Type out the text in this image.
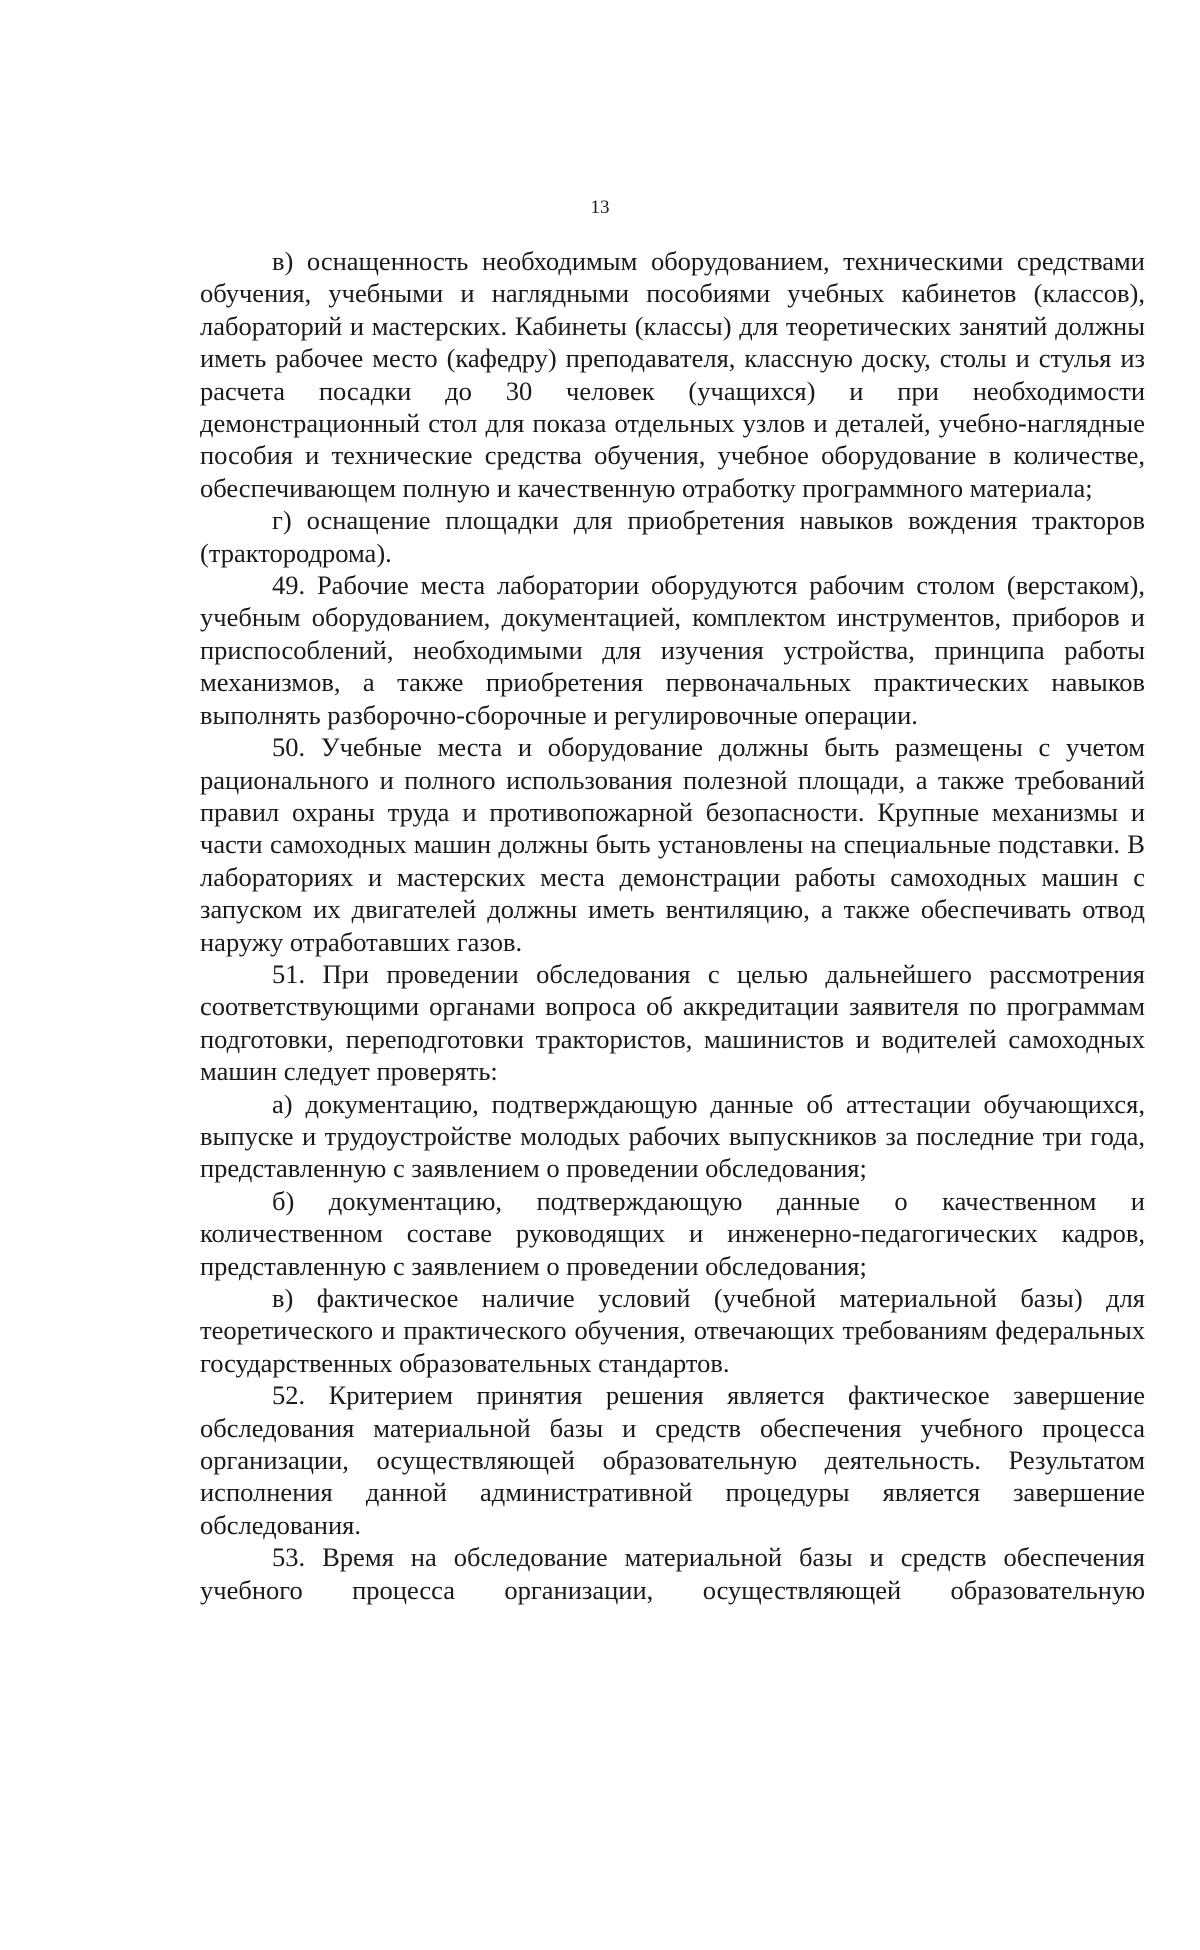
13

в) оснащенность необходимым оборудованием, техническими средствами обучения, учебными и наглядными пособиями учебных кабинетов (классов), лабораторий и мастерских. Кабинеты (классы) для теоретических занятий должны иметь рабочее место (кафедру) преподавателя, классную доску, столы и стулья из расчета посадки до 30 человек (учащихся) и при необходимости демонстрационный стол для показа отдельных узлов и деталей, учебно-наглядные пособия и технические средства обучения, учебное оборудование в количестве, обеспечивающем полную и качественную отработку программного материала;

г) оснащение площадки для приобретения навыков вождения тракторов (трактородрома).

49. Рабочие места лаборатории оборудуются рабочим столом (верстаком), учебным оборудованием, документацией, комплектом инструментов, приборов и приспособлений, необходимыми для изучения устройства, принципа работы механизмов, а также приобретения первоначальных практических навыков выполнять разборочно-сборочные и регулировочные операции.

50. Учебные места и оборудование должны быть размещены с учетом рационального и полного использования полезной площади, а также требований правил охраны труда и противопожарной безопасности. Крупные механизмы и части самоходных машин должны быть установлены на специальные подставки. В лабораториях и мастерских места демонстрации работы самоходных машин с запуском их двигателей должны иметь вентиляцию, а также обеспечивать отвод наружу отработавших газов.

51. При проведении обследования с целью дальнейшего рассмотрения соответствующими органами вопроса об аккредитации заявителя по программам подготовки, переподготовки трактористов, машинистов и водителей самоходных машин следует проверять:

а) документацию, подтверждающую данные об аттестации обучающихся, выпуске и трудоустройстве молодых рабочих выпускников за последние три года, представленную с заявлением о проведении обследования;

б) документацию, подтверждающую данные о качественном и количественном составе руководящих и инженерно-педагогических кадров, представленную с заявлением о проведении обследования;

в) фактическое наличие условий (учебной материальной базы) для теоретического и практического обучения, отвечающих требованиям федеральных государственных образовательных стандартов.

52. Критерием принятия решения является фактическое завершение обследования материальной базы и средств обеспечения учебного процесса организации, осуществляющей образовательную деятельность. Результатом исполнения данной административной процедуры является завершение обследования.

53. Время на обследование материальной базы и средств обеспечения учебного процесса организации, осуществляющей образовательную
